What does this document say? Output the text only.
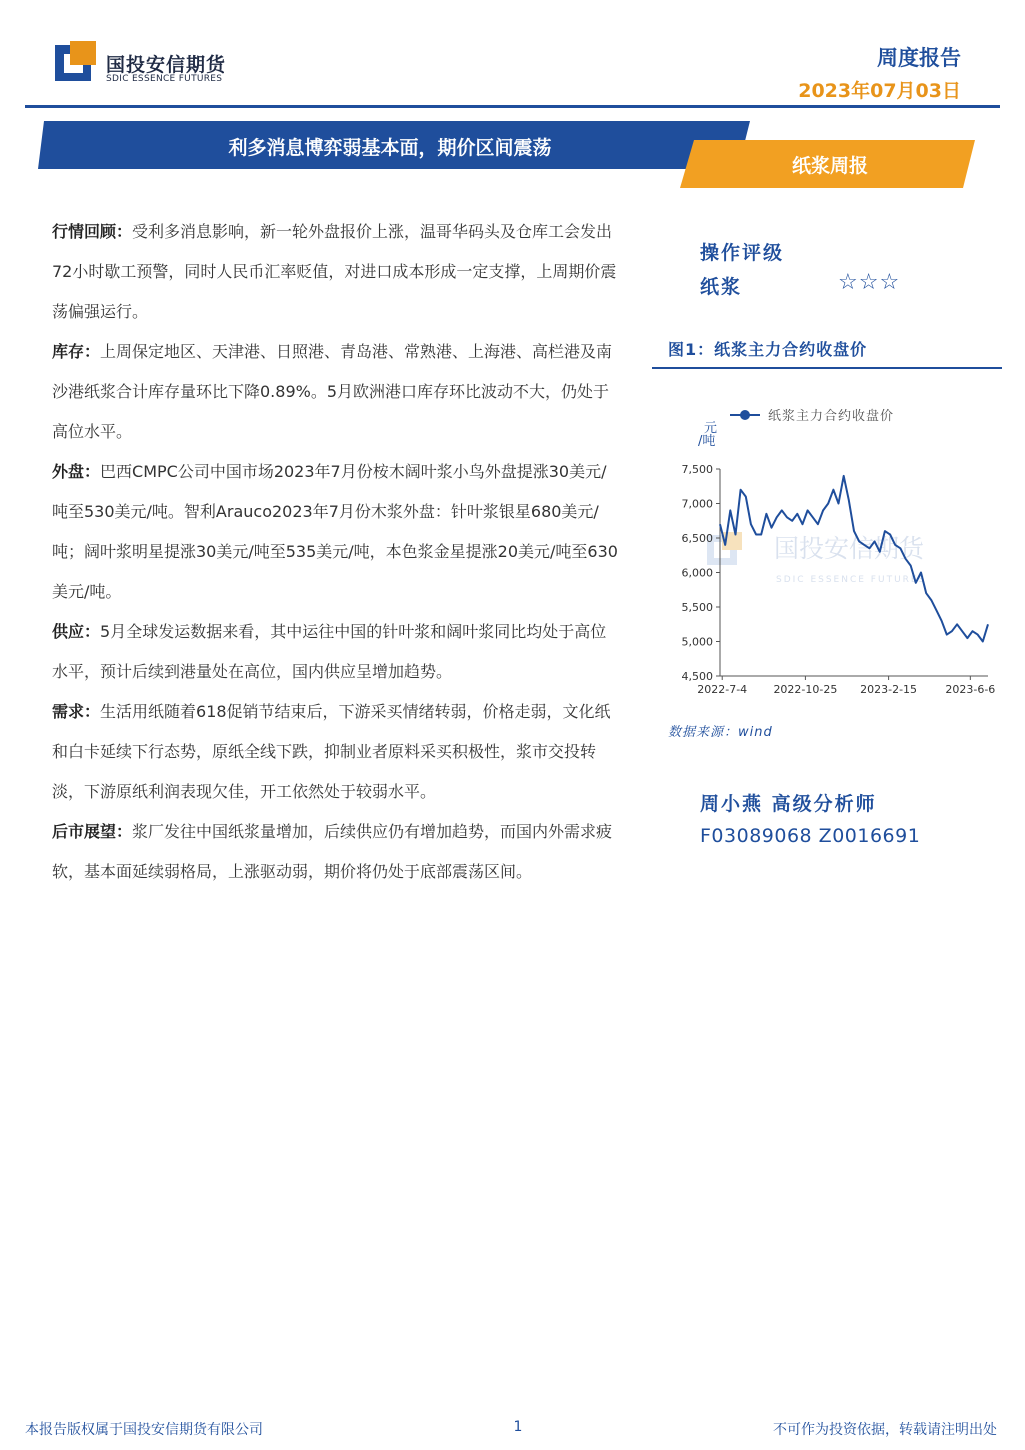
国投安信期货
SDIC ESSENCE FUTURES
周度报告
2023年07月03日
利多消息博弈弱基本面，期价区间震荡
纸浆周报

行情回顾：受利多消息影响，新一轮外盘报价上涨，温哥华码头及仓库工会发出72小时歇工预警，同时人民币汇率贬值，对进口成本形成一定支撑，上周期价震荡偏强运行。

库存：上周保定地区、天津港、日照港、青岛港、常熟港、上海港、高栏港及南沙港纸浆合计库存量环比下降0.89%。5月欧洲港口库存环比波动不大，仍处于高位水平。

外盘：巴西CMPC公司中国市场2023年7月份桉木阔叶浆小鸟外盘提涨30美元/吨至530美元/吨。智利Arauco2023年7月份木浆外盘：针叶浆银星680美元/吨；阔叶浆明星提涨30美元/吨至535美元/吨，本色浆金星提涨20美元/吨至630美元/吨。

供应：5月全球发运数据来看，其中运往中国的针叶浆和阔叶浆同比均处于高位水平，预计后续到港量处在高位，国内供应呈增加趋势。

需求：生活用纸随着618促销节结束后，下游采买情绪转弱，价格走弱，文化纸和白卡延续下行态势，原纸全线下跌，抑制业者原料采买积极性，浆市交投转淡，下游原纸利润表现欠佳，开工依然处于较弱水平。

后市展望：浆厂发往中国纸浆量增加，后续供应仍有增加趋势，而国内外需求疲软，基本面延续弱格局，上涨驱动弱，期价将仍处于底部震荡区间。

操作评级
纸浆	☆☆☆
图1：纸浆主力合约收盘价
国投安信期货
SDIC ESSENCE FUTURES
纸浆主力合约收盘价
元
/吨
7,500
7,000
6,500
6,000
5,500
5,000
4,500
2022-7-4 2022-10-25 2023-2-15	2023-6-6
数据来源：wind
周小燕 高级分析师
F03089068 Z0016691
本报告版权属于国投安信期货有限公司	1	不可作为投资依据，转载请注明出处
